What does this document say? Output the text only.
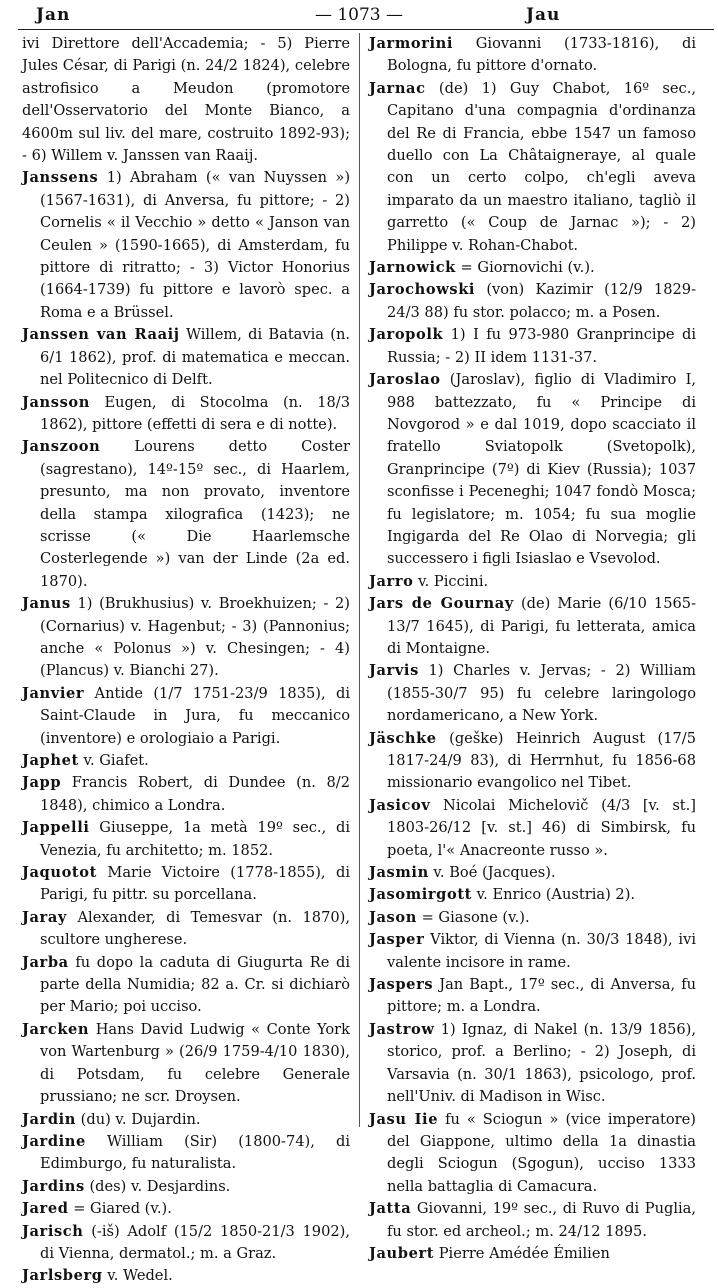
Jan	— 1073 —	Jau
ivi Direttore dell'Accademia; - 5) Pierre Jules César, di Parigi (n. 24/2 1824), celebre astrofisico a Meudon (promotore dell'Osservatorio del Monte Bianco, a 4600m sul liv. del mare, costruito 1892-93); - 6) Willem v. Janssen van Raaij.
Janssens 1) Abraham (« van Nuyssen ») (1567-1631), di Anversa, fu pittore; - 2) Cornelis « il Vecchio » detto « Janson van Ceulen » (1590-1665), di Amsterdam, fu pittore di ritratto; - 3) Victor Honorius (1664-1739) fu pittore e lavorò spec. a Roma e a Brüssel.
Janssen van Raaij Willem, di Batavia (n. 6/1 1862), prof. di matematica e meccan. nel Politecnico di Delft.
Jansson Eugen, di Stocolma (n. 18/3 1862), pittore (effetti di sera e di notte).
Janszoon Lourens detto Coster (sagrestano), 14º-15º sec., di Haarlem, presunto, ma non provato, inventore della stampa xilografica (1423); ne scrisse (« Die Haarlemsche Costerlegende ») van der Linde (2a ed. 1870).
Janus 1) (Brukhusius) v. Broekhuizen; - 2) (Cornarius) v. Hagenbut; - 3) (Pannonius; anche « Polonus ») v. Chesingen; - 4) (Plancus) v. Bianchi 27).
Janvier Antide (1/7 1751-23/9 1835), di Saint-Claude in Jura, fu meccanico (inventore) e orologiaio a Parigi.
Japhet v. Giafet.
Japp Francis Robert, di Dundee (n. 8/2 1848), chimico a Londra.
Jappelli Giuseppe, 1a metà 19º sec., di Venezia, fu architetto; m. 1852.
Jaquotot Marie Victoire (1778-1855), di Parigi, fu pittr. su porcellana.
Jaray Alexander, di Temesvar (n. 1870), scultore ungherese.
Jarba fu dopo la caduta di Giugurta Re di parte della Numidia; 82 a. Cr. si dichiarò per Mario; poi ucciso.
Jarcken Hans David Ludwig « Conte York von Wartenburg » (26/9 1759-4/10 1830), di Potsdam, fu celebre Generale prussiano; ne scr. Droysen.
Jardin (du) v. Dujardin.
Jardine William (Sir) (1800-74), di Edimburgo, fu naturalista.
Jardins (des) v. Desjardins.
Jared = Giared (v.).
Jarisch (-iš) Adolf (15/2 1850-21/3 1902), di Vienna, dermatol.; m. a Graz.
Jarlsberg v. Wedel.
Jarmorini Giovanni (1733-1816), di Bologna, fu pittore d'ornato.
Jarnac (de) 1) Guy Chabot, 16º sec., Capitano d'una compagnia d'ordinanza del Re di Francia, ebbe 1547 un famoso duello con La Châtaigneraye, al quale con un certo colpo, ch'egli aveva imparato da un maestro italiano, tagliò il garretto (« Coup de Jarnac »); - 2) Philippe v. Rohan-Chabot.
Jarnowick = Giornovichi (v.).
Jarochowski (von) Kazimir (12/9 1829-24/3 88) fu stor. polacco; m. a Posen.
Jaropolk 1) I fu 973-980 Granprincipe di Russia; - 2) II idem 1131-37.
Jaroslao (Jaroslav), figlio di Vladimiro I, 988 battezzato, fu « Principe di Novgorod » e dal 1019, dopo scacciato il fratello Sviatopolk (Svetopolk), Granprincipe (7º) di Kiev (Russia); 1037 sconfisse i Peceneghi; 1047 fondò Mosca; fu legislatore; m. 1054; fu sua moglie Ingigarda del Re Olao di Norvegia; gli successero i figli Isiaslao e Vsevolod.
Jarro v. Piccini.
Jars de Gournay (de) Marie (6/10 1565-13/7 1645), di Parigi, fu letterata, amica di Montaigne.
Jarvis 1) Charles v. Jervas; - 2) William (1855-30/7 95) fu celebre laringologo nordamericano, a New York.
Jäschke (geške) Heinrich August (17/5 1817-24/9 83), di Herrnhut, fu 1856-68 missionario evangolico nel Tibet.
Jasicov Nicolai Michelovič (4/3 [v. st.] 1803-26/12 [v. st.] 46) di Simbirsk, fu poeta, l'« Anacreonte russo ».
Jasmin v. Boé (Jacques).
Jasomirgott v. Enrico (Austria) 2).
Jason = Giasone (v.).
Jasper Viktor, di Vienna (n. 30/3 1848), ivi valente incisore in rame.
Jaspers Jan Bapt., 17º sec., di Anversa, fu pittore; m. a Londra.
Jastrow 1) Ignaz, di Nakel (n. 13/9 1856), storico, prof. a Berlino; - 2) Joseph, di Varsavia (n. 30/1 1863), psicologo, prof. nell'Univ. di Madison in Wisc.
Jasu Iie fu « Sciogun » (vice imperatore) del Giappone, ultimo della 1a dinastia degli Sciogun (Sgogun), ucciso 1333 nella battaglia di Camacura.
Jatta Giovanni, 19º sec., di Ruvo di Puglia, fu stor. ed archeol.; m. 24/12 1895.
Jaubert Pierre Amédée Émilien
